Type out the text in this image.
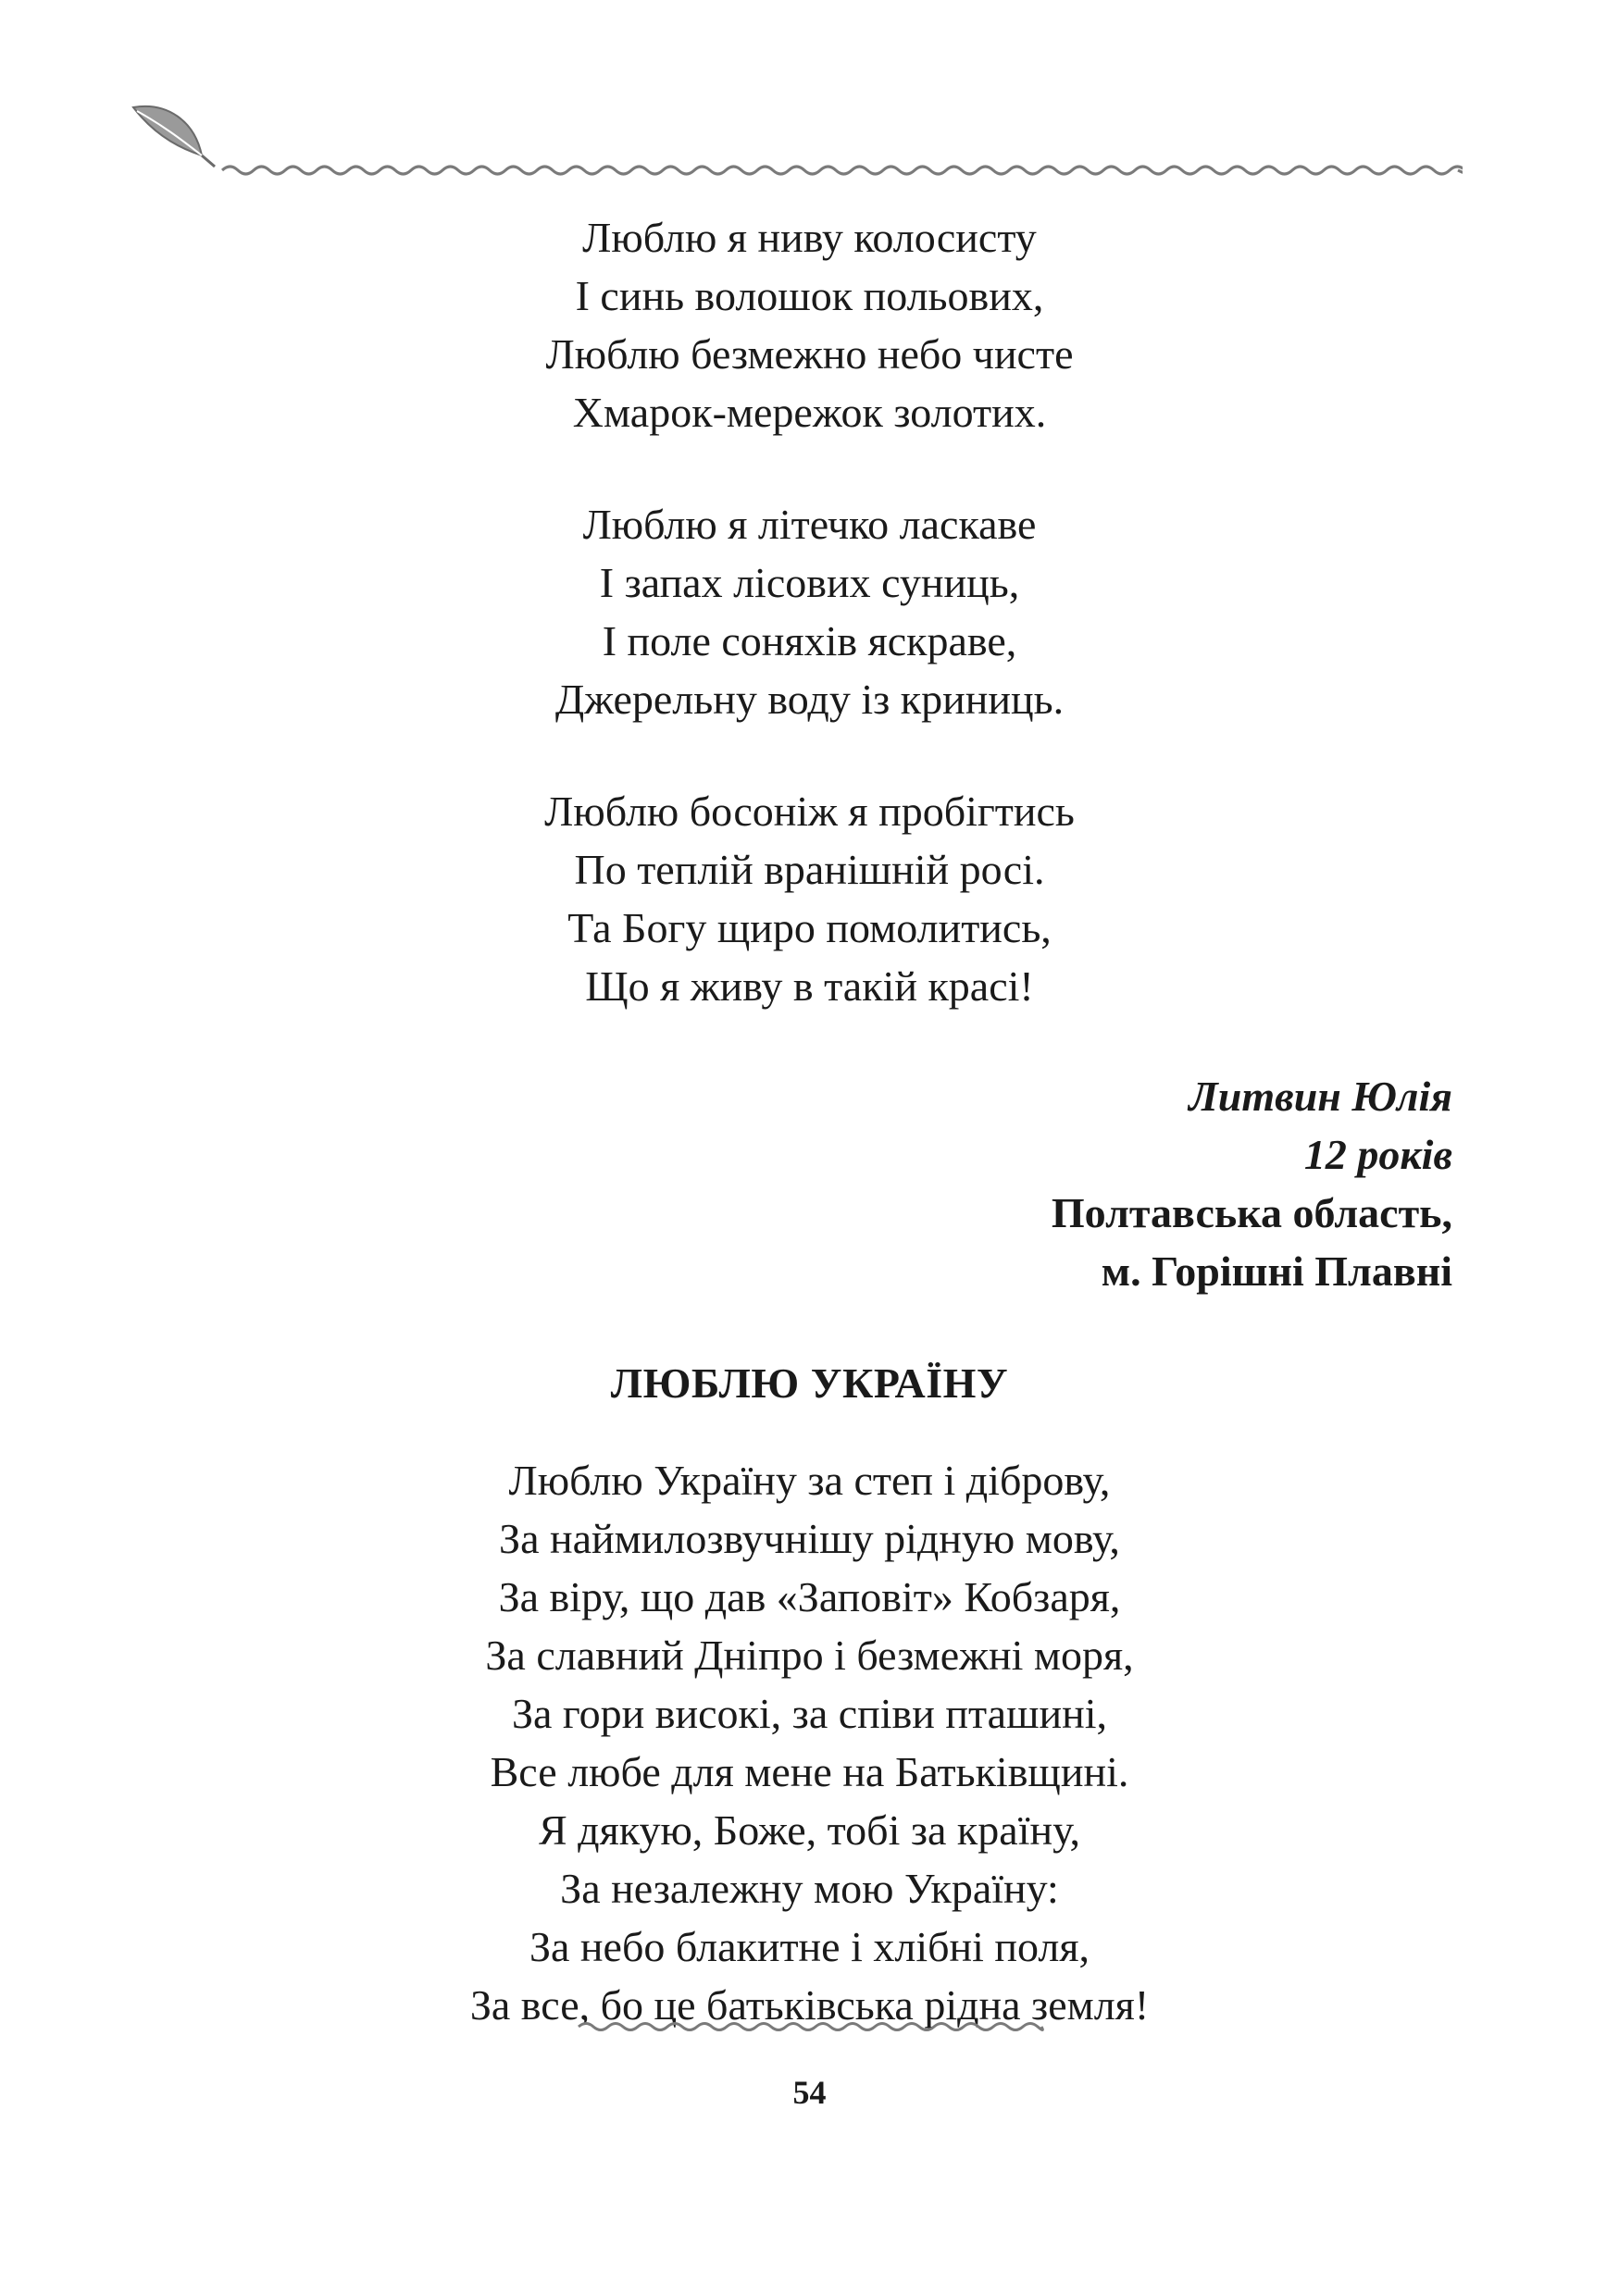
Люблю я ниву колосисту
І синь волошок польових,
Люблю безмежно небо чисте
Хмарок-мережок золотих.
Люблю я літечко ласкаве
І запах лісових суниць,
І поле соняхів яскраве,
Джерельну воду із криниць.
Люблю босоніж я пробігтись
По теплій вранішній росі.
Та Богу щиро помолитись,
Що я живу в такій красі!
Литвин Юлія
12 років
Полтавська область,
м. Горішні Плавні
ЛЮБЛЮ УКРАЇНУ
Люблю Україну за степ і діброву,
За наймилозвучнішу рідную мову,
За віру, що дав «Заповіт» Кобзаря,
За славний Дніпро і безмежні моря,
За гори високі, за співи пташині,
Все любе для мене на Батьківщині.
Я дякую, Боже, тобі за країну,
За незалежну мою Україну:
За небо блакитне і хлібні поля,
За все, бо це батьківська рідна земля!
54
